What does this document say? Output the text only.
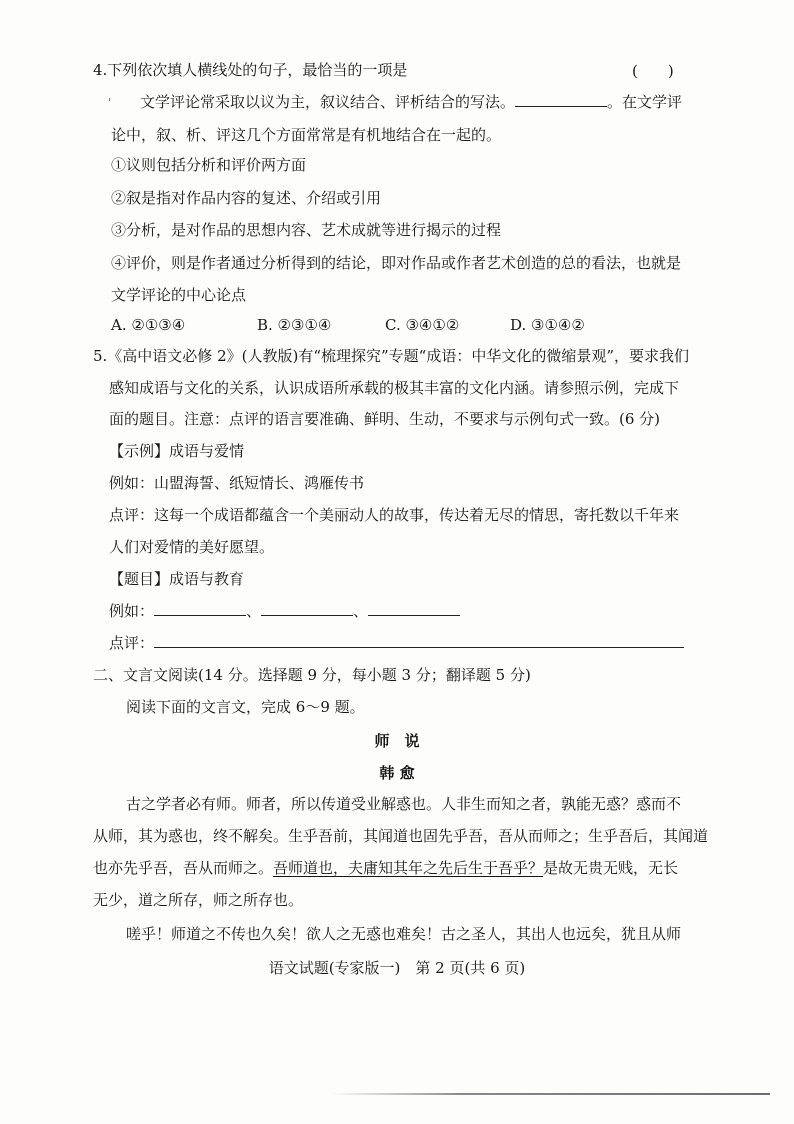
4.下列依次填人横线处的句子，最恰当的一项是	(　　)
' 文学评论常采取以议为主，叙议结合、评析结合的写法。	。在文学评
论中，叙、析、评这几个方面常常是有机地结合在一起的。
①议则包括分析和评价两方面
②叙是指对作品内容的复述、介绍或引用
③分析，是对作品的思想内容、艺术成就等进行揭示的过程
④评价，则是作者通过分析得到的结论，即对作品或作者艺术创造的总的看法，也就是
文学评论的中心论点
A. ②①③④	B. ②③①④	C. ③④①②	D. ③①④②
5.《高中语文必修 2》(人教版)有“梳理探究”专题“成语：中华文化的微缩景观”，要求我们
感知成语与文化的关系，认识成语所承载的极其丰富的文化内涵。请参照示例，完成下
面的题目。注意：点评的语言要准确、鲜明、生动，不要求与示例句式一致。(6 分)
【示例】成语与爱情
例如：山盟海誓、纸短情长、鸿雁传书
点评：这每一个成语都蕴含一个美丽动人的故事，传达着无尽的情思，寄托数以千年来
人们对爱情的美好愿望。
【题目】成语与教育
例如：	、	、
点评：
二、文言文阅读(14 分。选择题 9 分，每小题 3 分；翻译题 5 分)
阅读下面的文言文，完成 6～9 题。
师　说
韩 愈
古之学者必有师。师者，所以传道受业解惑也。人非生而知之者，孰能无惑？惑而不
从师，其为惑也，终不解矣。生乎吾前，其闻道也固先乎吾，吾从而师之；生乎吾后，其闻道
也亦先乎吾，吾从而师之。吾师道也，夫庸知其年之先后生于吾乎？是故无贵无贱，无长
无少，道之所存，师之所存也。
嗟乎！师道之不传也久矣！欲人之无惑也难矣！古之圣人，其出人也远矣，犹且从师
语文试题(专家版一)　第 2 页(共 6 页)
